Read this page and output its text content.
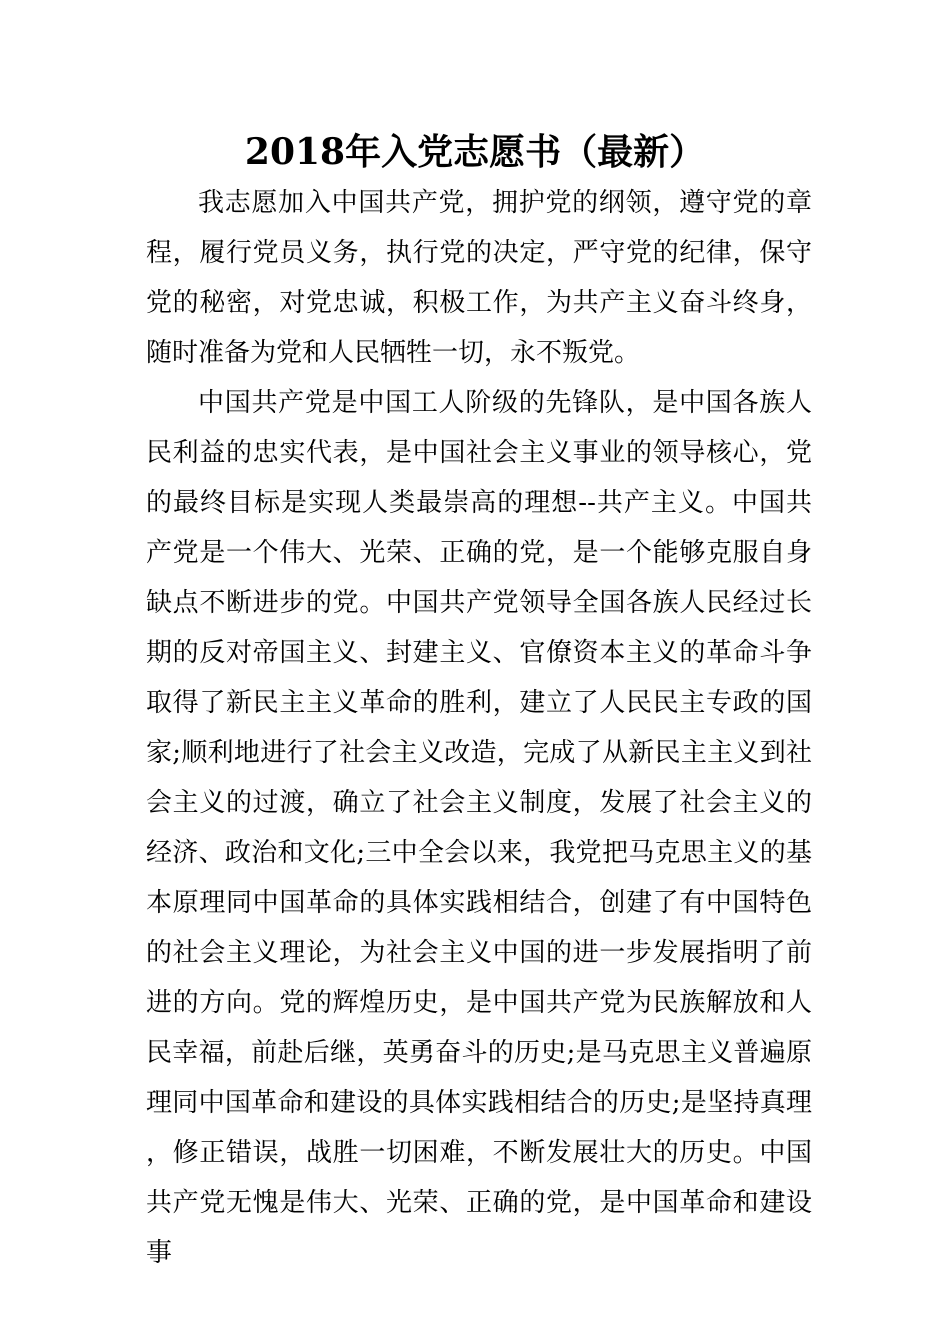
2018年入党志愿书（最新）

我志愿加入中国共产党，拥护党的纲领，遵守党的章程，履行党员义务，执行党的决定，严守党的纪律，保守党的秘密，对党忠诚，积极工作，为共产主义奋斗终身，随时准备为党和人民牺牲一切，永不叛党。

中国共产党是中国工人阶级的先锋队，是中国各族人民利益的忠实代表，是中国社会主义事业的领导核心，党的最终目标是实现人类最崇高的理想--共产主义。中国共产党是一个伟大、光荣、正确的党，是一个能够克服自身缺点不断进步的党。中国共产党领导全国各族人民经过长期的反对帝国主义、封建主义、官僚资本主义的革命斗争取得了新民主主义革命的胜利，建立了人民民主专政的国家;顺利地进行了社会主义改造，完成了从新民主主义到社会主义的过渡，确立了社会主义制度，发展了社会主义的经济、政治和文化;三中全会以来，我党把马克思主义的基本原理同中国革命的具体实践相结合，创建了有中国特色的社会主义理论，为社会主义中国的进一步发展指明了前进的方向。党的辉煌历史，是中国共产党为民族解放和人民幸福，前赴后继，英勇奋斗的历史;是马克思主义普遍原理同中国革命和建设的具体实践相结合的历史;是坚持真理，修正错误，战胜一切困难，不断发展壮大的历史。中国共产党无愧是伟大、光荣、正确的党，是中国革命和建设事
